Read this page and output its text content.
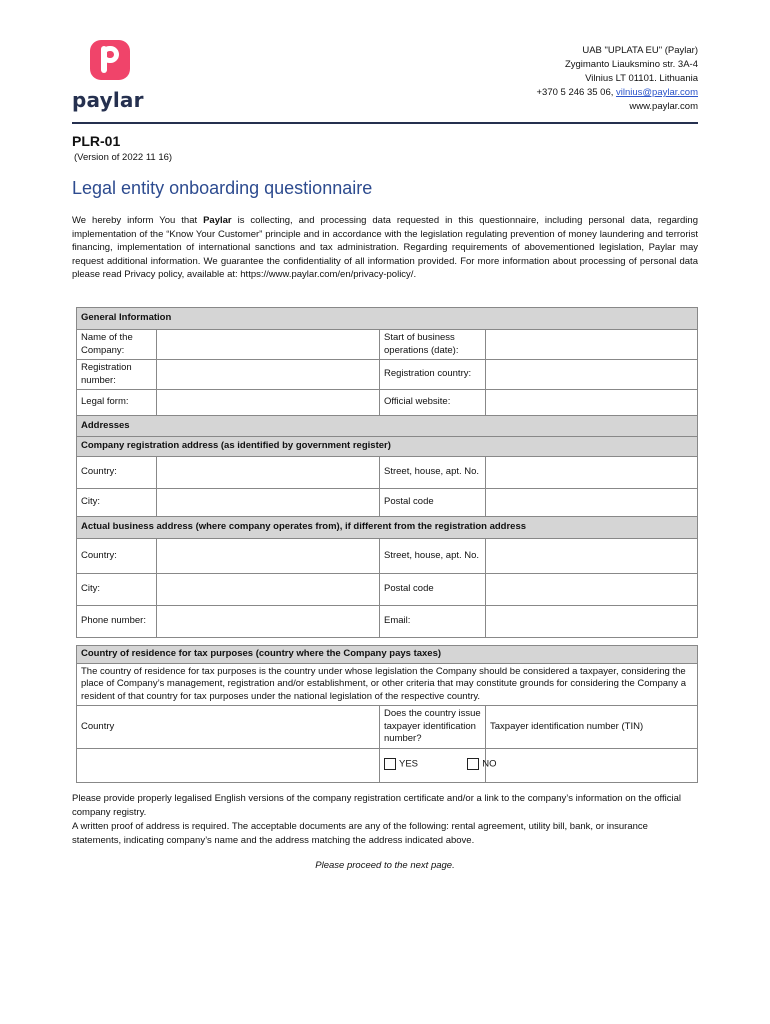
paylar
UAB "UPLATA EU" (Paylar)
Zygimanto Liauksmino str. 3A-4
Vilnius LT 01101. Lithuania
+370 5 246 35 06, vilnius@paylar.com
www.paylar.com
PLR-01
(Version of 2022 11 16)
Legal entity onboarding questionnaire

We hereby inform You that Paylar is collecting, and processing data requested in this questionnaire, including personal data, regarding implementation of the “Know Your Customer” principle and in accordance with the legislation regulating prevention of money laundering and terrorist financing, implementation of international sanctions and tax administration. Regarding requirements of abovementioned legislation, Paylar may request additional information. We guarantee the confidentiality of all information provided. For more information about processing of personal data please read Privacy policy, available at: https://www.paylar.com/en/privacy-policy/.

General Information			
Name of the Company:		Start of business operations (date):	
Registration number:		Registration country:	
Legal form:		Official website:	
Addresses			
Company registration address (as identified by government register)			
Country:		Street, house, apt. No.	
City:		Postal code	
Actual business address (where company operates from), if different from the registration address			
Country:		Street, house, apt. No.	
City:		Postal code	
Phone number:		Email:	

Country of residence for tax purposes (country where the Company pays taxes)			
The country of residence for tax purposes is the country under whose legislation the Company should be considered a taxpayer, considering the place of Company’s management, registration and/or establishment, or other criteria that may constitute grounds for considering the Company a resident of that country for tax purposes under the national legislation of the respective country.			
Country		Does the country issue taxpayer identification number?	Taxpayer identification number (TIN)
		YES NO	
Please provide properly legalised English versions of the company registration certificate and/or a link to the company’s information on the official company registry.
A written proof of address is required. The acceptable documents are any of the following: rental agreement, utility bill, bank, or insurance statements, indicating company’s name and the address matching the address indicated above.
Please proceed to the next page.
